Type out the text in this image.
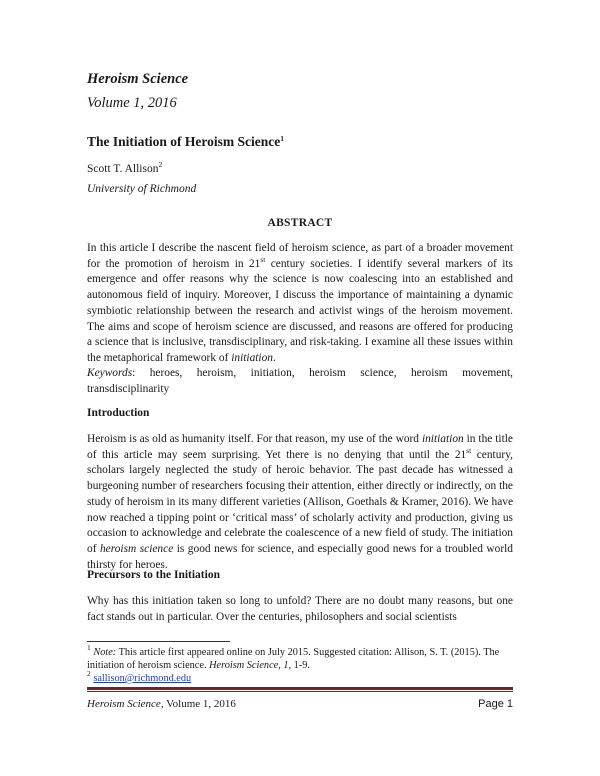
Heroism Science
Volume 1, 2016
The Initiation of Heroism Science$^1$
Scott T. Allison$^2$
University of Richmond
ABSTRACT
In this article I describe the nascent field of heroism science, as part of a broader movement for the promotion of heroism in 21st century societies. I identify several markers of its emergence and offer reasons why the science is now coalescing into an established and autonomous field of inquiry. Moreover, I discuss the importance of maintaining a dynamic symbiotic relationship between the research and activist wings of the heroism movement. The aims and scope of heroism science are discussed, and reasons are offered for producing a science that is inclusive, transdisciplinary, and risk-taking. I examine all these issues within the metaphorical framework of initiation.
Keywords: heroes, heroism, initiation, heroism science, heroism movement, transdisciplinarity
Introduction
Heroism is as old as humanity itself. For that reason, my use of the word initiation in the title of this article may seem surprising. Yet there is no denying that until the 21st century, scholars largely neglected the study of heroic behavior. The past decade has witnessed a burgeoning number of researchers focusing their attention, either directly or indirectly, on the study of heroism in its many different varieties (Allison, Goethals & Kramer, 2016). We have now reached a tipping point or ‘critical mass’ of scholarly activity and production, giving us occasion to acknowledge and celebrate the coalescence of a new field of study. The initiation of heroism science is good news for science, and especially good news for a troubled world thirsty for heroes.
Precursors to the Initiation
Why has this initiation taken so long to unfold? There are no doubt many reasons, but one fact stands out in particular. Over the centuries, philosophers and social scientists
$^1$ Note: This article first appeared online on July 2015. Suggested citation: Allison, S. T. (2015). The initiation of heroism science. Heroism Science, 1, 1-9.
$^2$ sallison@richmond.edu
Heroism Science, Volume 1, 2016	Page 1
